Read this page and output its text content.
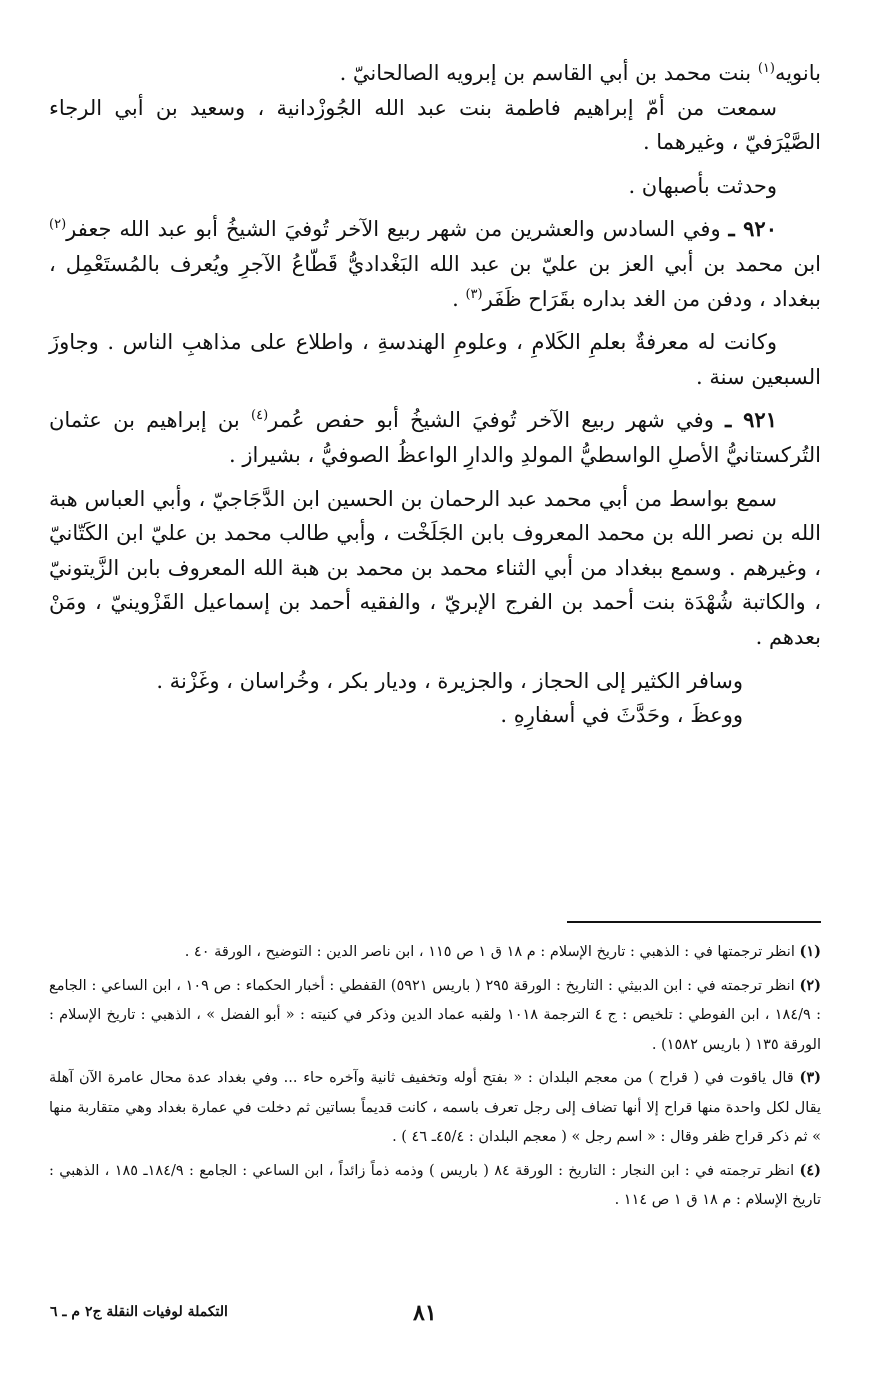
بانويه$^{(١)}$ بنت محمد بن أبي القاسم بن إبرويه الصالحانيّ .

سمعت من أمّ إبراهيم فاطمة بنت عبد الله الجُوزْدانية ، وسعيد بن أبي الرجاء الصَّيْرَفيّ ، وغيرهما .

وحدثت بأصبهان .

٩٢٠ ـ وفي السادس والعشرين من شهر ربيع الآخر تُوفيَ الشيخُ أبو عبد الله جعفر$^{(٢)}$ ابن محمد بن أبي العز بن عليّ بن عبد الله البَغْداديُّ قَطّاعُ الآجرِ ويُعرف بالمُستَعْمِل ، ببغداد ، ودفن من الغد بداره بقَرَاح ظَفَر$^{(٣)}$ .

وكانت له معرفةٌ بعلمِ الكَلامِ ، وعلومِ الهندسةِ ، واطلاع على مذاهبِ الناس . وجاوزَ السبعين سنة .

٩٢١ ـ وفي شهر ربيع الآخر تُوفيَ الشيخُ أبو حفص عُمر$^{(٤)}$ بن إبراهيم بن عثمان التُركستانيُّ الأصلِ الواسطيُّ المولدِ والدارِ الواعظُ الصوفيُّ ، بشيراز .

سمع بواسط من أبي محمد عبد الرحمان بن الحسين ابن الدَّجَاجيّ ، وأبي العباس هبة الله بن نصر الله بن محمد المعروف بابن الجَلَخْت ، وأبي طالب محمد بن عليّ ابن الكَتّانيّ ، وغيرهم . وسمع ببغداد من أبي الثناء محمد بن محمد بن هبة الله المعروف بابن الزَّيتونيّ ، والكاتبة شُهْدَة بنت أحمد بن الفرج الإبريّ ، والفقيه أحمد بن إسماعيل القَزْوينيّ ، ومَنْ بعدهم .

وسافر الكثير إلى الحجاز ، والجزيرة ، وديار بكر ، وخُراسان ، وغَزْنة .

ووعظَ ، وحَدَّثَ في أسفارِهِ .

(١) انظر ترجمتها في : الذهبي : تاريخ الإسلام : م ١٨ ق ١ ص ١١٥ ، ابن ناصر الدين : التوضيح ، الورقة ٤٠ .

(٢) انظر ترجمته في : ابن الدبيثي : التاريخ : الورقة ٢٩٥ ( باريس ٥٩٢١) القفطي : أخبار الحكماء : ص ١٠٩ ، ابن الساعي : الجامع : ١٨٤/٩ ، ابن الفوطي : تلخيص : ج ٤ الترجمة ١٠١٨ ولقبه عماد الدين وذكر في كنيته : « أبو الفضل » ، الذهبي : تاريخ الإسلام : الورقة ١٣٥ ( باريس ١٥٨٢) .

(٣) قال ياقوت في ( قراح ) من معجم البلدان : « بفتح أوله وتخفيف ثانية وآخره حاء ... وفي بغداد عدة محال عامرة الآن آهلة يقال لكل واحدة منها قراح إلا أنها تضاف إلى رجل تعرف باسمه ، كانت قديماً بساتين ثم دخلت في عمارة بغداد وهي متقاربة منها » ثم ذكر قراح ظفر وقال : « اسم رجل » ( معجم البلدان : ٤٥/٤ـ ٤٦ ) .

(٤) انظر ترجمته في : ابن النجار : التاريخ : الورقة ٨٤ ( باريس ) وذمه ذماً زائداً ، ابن الساعي : الجامع : ١٨٤/٩ـ ١٨٥ ، الذهبي : تاريخ الإسلام : م ١٨ ق ١ ص ١١٤ .

٨١
التكملة لوفيات النقلة ج٢ م ـ ٦
